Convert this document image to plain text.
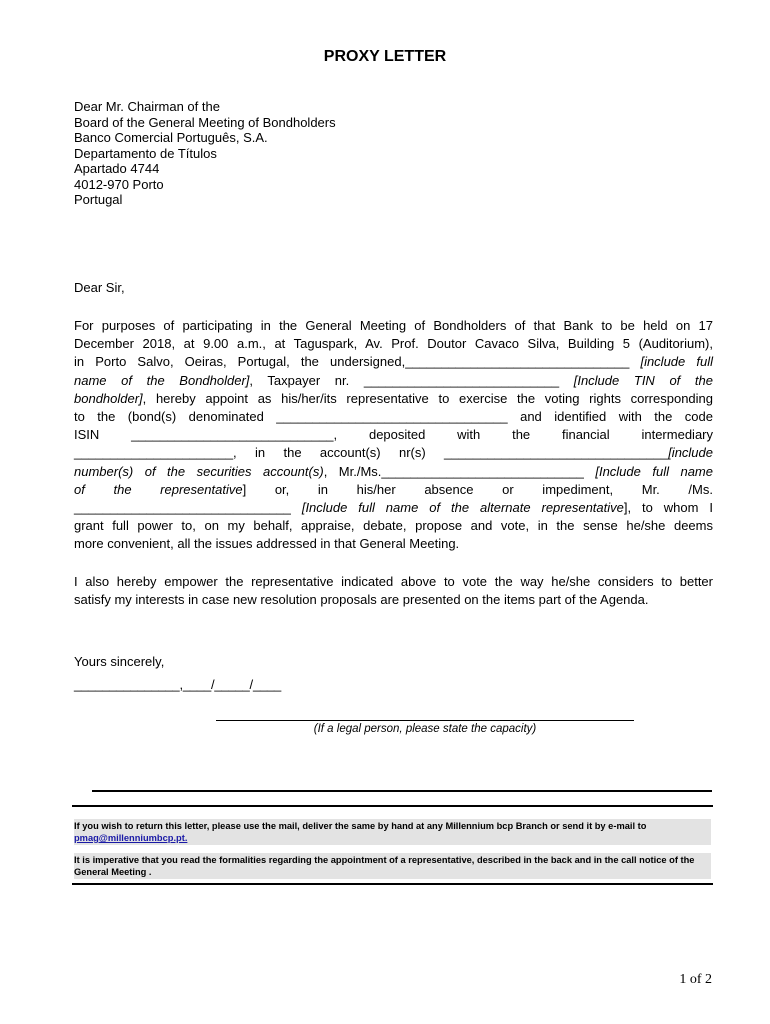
PROXY LETTER
Dear Mr. Chairman of the
Board of the General Meeting of Bondholders
Banco Comercial Português, S.A.
Departamento de Títulos
Apartado 4744
4012-970 Porto
Portugal
Dear Sir,
For purposes of participating in the General Meeting of Bondholders of that Bank to be held on 17
December 2018, at 9.00 a.m., at Taguspark, Av. Prof. Doutor Cavaco Silva, Building 5 (Auditorium),
in Porto Salvo, Oeiras, Portugal, the undersigned,_______________________________ [include full
name of the Bondholder], Taxpayer nr. ___________________________ [Include TIN of the
bondholder], hereby appoint as his/her/its representative to exercise the voting rights corresponding
to the (bond(s) denominated ________________________________ and identified with the code
ISIN ____________________________, deposited with the financial intermediary
______________________, in the account(s) nr(s) _______________________________[include
number(s) of the securities account(s), Mr./Ms.____________________________ [Include full name
of the representative] or, in his/her absence or impediment, Mr. /Ms.
______________________________ [Include full name of the alternate representative], to whom I
grant full power to, on my behalf, appraise, debate, propose and vote, in the sense he/she deems
more convenient, all the issues addressed in that General Meeting.
I also hereby empower the representative indicated above to vote the way he/she considers to better
satisfy my interests in case new resolution proposals are presented on the items part of the Agenda.
Yours sincerely,
_______________,____/_____/____
(If a legal person, please state the capacity)
If you wish to return this letter, please use the mail, deliver the same by hand at any Millennium bcp Branch or send it by e-mail to
pmag@millenniumbcp.pt.
It is imperative that you read the formalities regarding the appointment of a representative, described in the back and in the call notice of the General Meeting .
1 of 2
